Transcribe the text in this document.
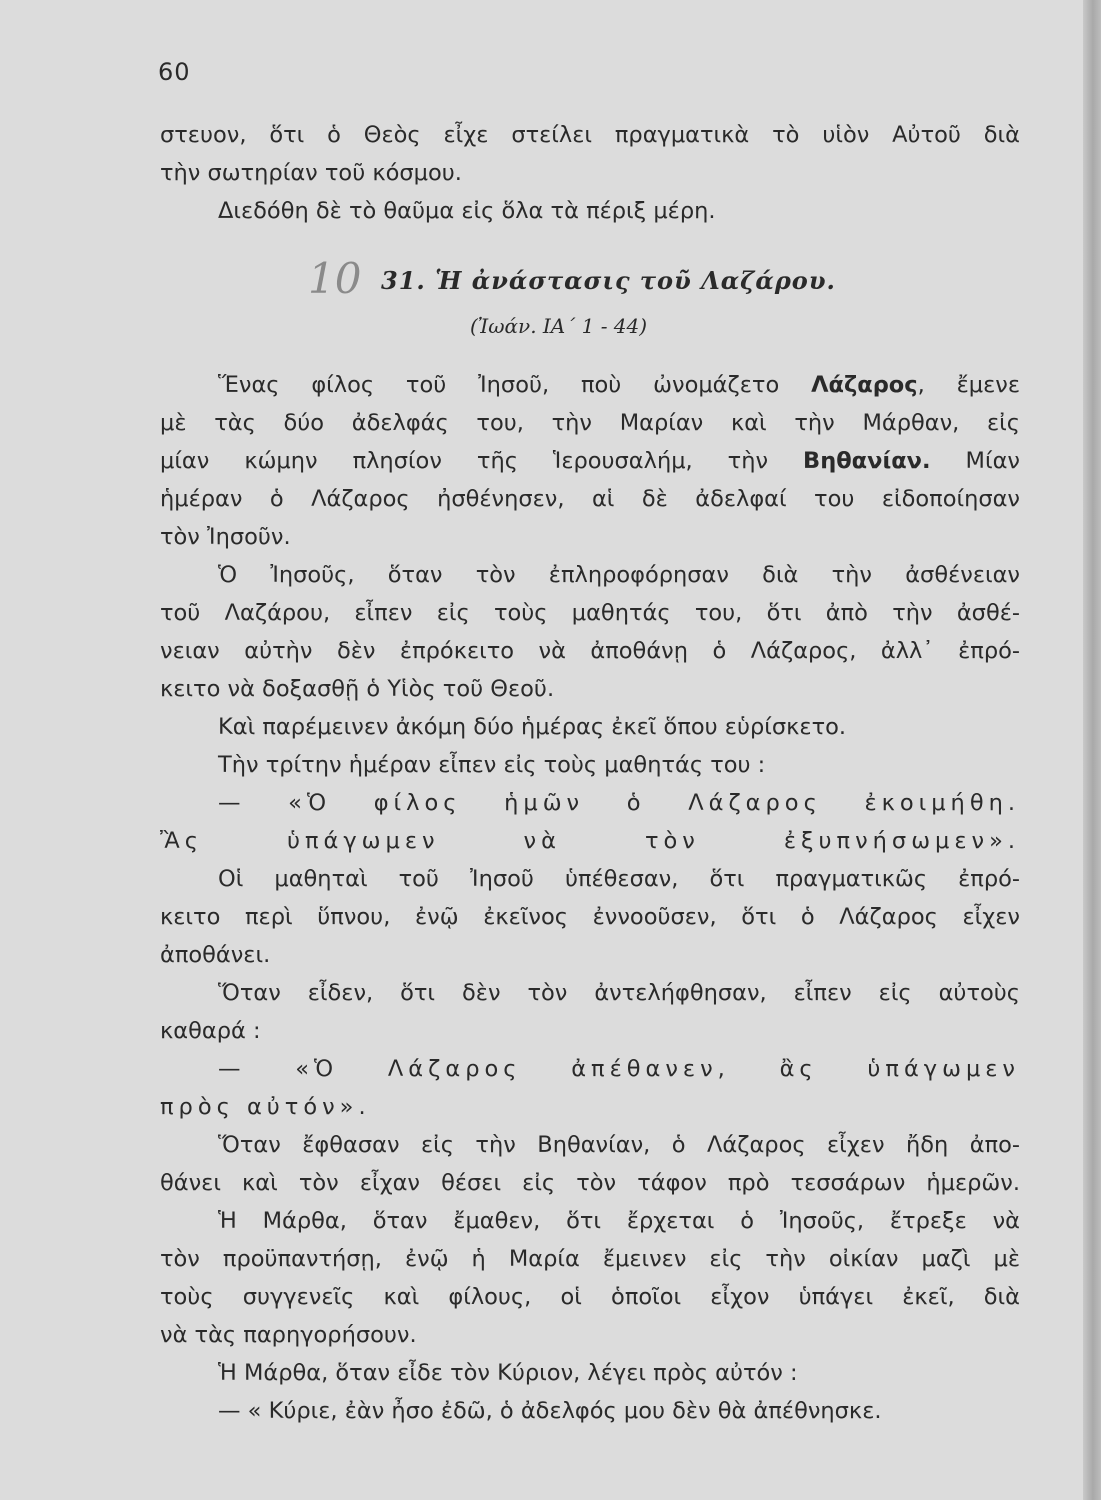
60
στευον, ὅτι ὁ Θεὸς εἶχε στείλει πραγματικὰ τὸ υἱὸν Αὐτοῦ διὰ
τὴν σωτηρίαν τοῦ κόσμου.
Διεδόθη δὲ τὸ θαῦμα εἰς ὅλα τὰ πέριξ μέρη.
10 31. Ἡ ἀνάστασις τοῦ Λαζάρου.
(Ἰωάν. ΙΑ΄ 1 - 44)
Ἕνας φίλος τοῦ Ἰησοῦ, ποὺ ὠνομάζετο Λάζαρος, ἔμενε
μὲ τὰς δύο ἀδελφάς του, τὴν Μαρίαν καὶ τὴν Μάρθαν, εἰς
μίαν κώμην πλησίον τῆς Ἱερουσαλήμ, τὴν Βηθανίαν. Μίαν
ἡμέραν ὁ Λάζαρος ἠσθένησεν, αἱ δὲ ἀδελφαί του εἰδοποίησαν
τὸν Ἰησοῦν.
Ὁ Ἰησοῦς, ὅταν τὸν ἐπληροφόρησαν διὰ τὴν ἀσθένειαν
τοῦ Λαζάρου, εἶπεν εἰς τοὺς μαθητάς του, ὅτι ἀπὸ τὴν ἀσθέ-
νειαν αὐτὴν δὲν ἐπρόκειτο νὰ ἀποθάνῃ ὁ Λάζαρος, ἀλλ᾽ ἐπρό-
κειτο νὰ δοξασθῇ ὁ Υἱὸς τοῦ Θεοῦ.
Καὶ παρέμεινεν ἀκόμη δύο ἡμέρας ἐκεῖ ὅπου εὑρίσκετο.
Τὴν τρίτην ἡμέραν εἶπεν εἰς τοὺς μαθητάς του :
— «Ὁ φίλος ἡμῶν ὁ Λάζαρος ἐκοιμήθη.
Ἂς ὑπάγωμεν νὰ τὸν ἐξυπνήσωμεν».
Οἱ μαθηταὶ τοῦ Ἰησοῦ ὑπέθεσαν, ὅτι πραγματικῶς ἐπρό-
κειτο περὶ ὕπνου, ἐνῷ ἐκεῖνος ἐννοοῦσεν, ὅτι ὁ Λάζαρος εἶχεν
ἀποθάνει.
Ὅταν εἶδεν, ὅτι δὲν τὸν ἀντελήφθησαν, εἶπεν εἰς αὐτοὺς
καθαρά :
— «Ὁ Λάζαρος ἀπέθανεν, ἂς ὑπάγωμεν
πρὸς αὐτόν».
Ὅταν ἔφθασαν εἰς τὴν Βηθανίαν, ὁ Λάζαρος εἶχεν ἤδη ἀπο-
θάνει καὶ τὸν εἶχαν θέσει εἰς τὸν τάφον πρὸ τεσσάρων ἡμερῶν.
Ἡ Μάρθα, ὅταν ἔμαθεν, ὅτι ἔρχεται ὁ Ἰησοῦς, ἔτρεξε νὰ
τὸν προϋπαντήσῃ, ἐνῷ ἡ Μαρία ἔμεινεν εἰς τὴν οἰκίαν μαζὶ μὲ
τοὺς συγγενεῖς καὶ φίλους, οἱ ὁποῖοι εἶχον ὑπάγει ἐκεῖ, διὰ
νὰ τὰς παρηγορήσουν.
Ἡ Μάρθα, ὅταν εἶδε τὸν Κύριον, λέγει πρὸς αὐτόν :
— « Κύριε, ἐὰν ἦσο ἐδῶ, ὁ ἀδελφός μου δὲν θὰ ἀπέθνησκε.
